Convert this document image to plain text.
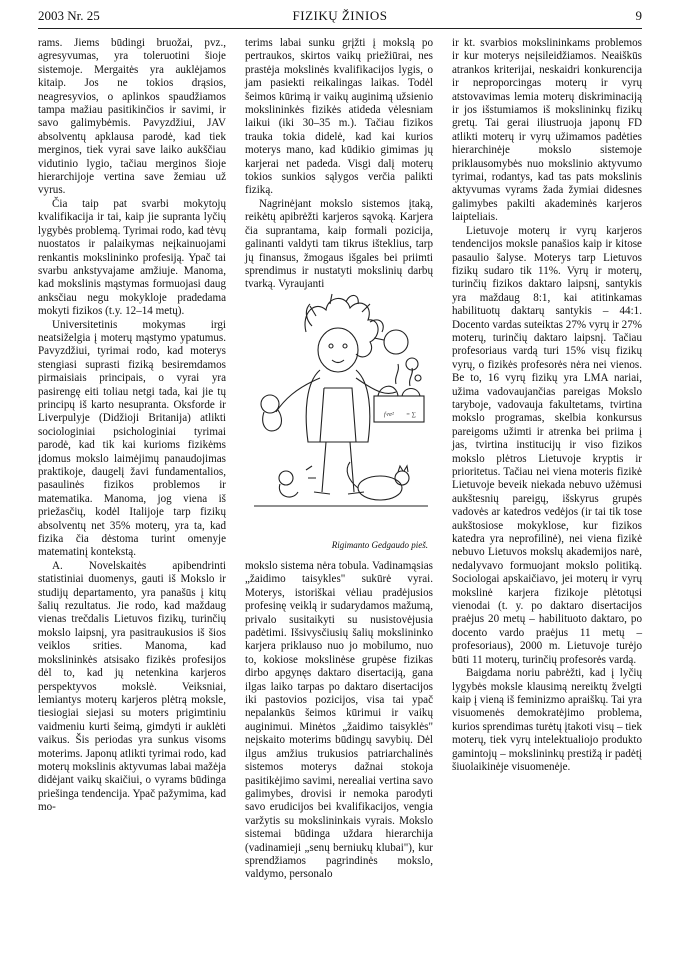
2003 Nr. 25	FIZIKŲ ŽINIOS	9

rams. Jiems būdingi bruožai, pvz., agresyvumas, yra toleruotini šioje sistemoje. Mergaitės yra auklėjamos kitaip. Jos ne tokios drąsios, neagresyvios, o aplinkos spaudžiamos tampa mažiau pasitikinčios ir savimi, ir savo galimybėmis. Pavyzdžiui, JAV absolventų apklausa parodė, kad tiek merginos, tiek vyrai save laiko aukščiau vidutinio lygio, tačiau merginos šioje hierarchijoje vertina save žemiau už vyrus.

Čia taip pat svarbi mokytojų kvalifikacija ir tai, kaip jie supranta lyčių lygybės problemą. Tyrimai rodo, kad tėvų nuostatos ir palaikymas neįkainuojami renkantis mokslininko profesiją. Ypač tai svarbu ankstyvajame amžiuje. Manoma, kad mokslinis mąstymas formuojasi daug anksčiau negu mokykloje pradedama mokyti fizikos (t.y. 12–14 metų).

Universitetinis mokymas irgi neatsiželgia į moterų mąstymo ypatumus. Pavyzdžiui, tyrimai rodo, kad moterys stengiasi suprasti fiziką besiremdamos pirmaisiais principais, o vyrai yra pasirengę eiti toliau netgi tada, kai jie tų principų iš karto nesupranta. Oksforde ir Liverpulyje (Didžioji Britanija) atlikti sociologiniai psichologiniai tyrimai parodė, kad tik kai kurioms fizikėms įdomus mokslo laimėjimų panaudojimas praktikoje, daugelį žavi fundamentalios, pasaulinės fizikos problemos ir matematika. Manoma, jog viena iš priežasčių, kodėl Italijoje tarp fizikų absolventų net 35% moterų, yra ta, kad fizika čia dėstoma turint omenyje matematinį kontekstą.

A. Novelskaitės apibendrinti statistiniai duomenys, gauti iš Mokslo ir studijų departamento, yra panašūs į kitų šalių rezultatus. Jie rodo, kad maždaug vienas trečdalis Lietuvos fizikų, turinčių mokslo laipsnį, yra pasitraukusios iš šios veiklos srities. Manoma, kad mokslininkės atsisako fizikės profesijos dėl to, kad jų netenkina karjeros perspektyvos mokslė. Veiksniai, lemiantys moterų karjeros plėtrą moksle, tiesiogiai siejasi su moters prigimtiniu vaidmeniu kurti šeimą, gimdyti ir auklėti vaikus. Šis periodas yra sunkus visoms moterims. Japonų atlikti tyrimai rodo, kad moterų mokslinis aktyvumas labai mažėja didėjant vaikų skaičiui, o vyrams būdinga priešinga tendencija. Ypač pažymima, kad mo-

terims labai sunku grįžti į mokslą po pertraukos, skirtos vaikų priežiūrai, nes prastėja mokslinės kvalifikacijos lygis, o jam pasiekti reikalingas laikas. Todėl šeimos kūrimą ir vaikų auginimą užsienio mokslininkės fizikės atideda vėlesniam laikui (iki 30–35 m.). Tačiau fizikos trauka tokia didelė, kad kai kurios moterys mano, kad kūdikio gimimas jų karjerai net padeda. Visgi dalį moterų tokios sunkios sąlygos verčia palikti fiziką.

Nagrinėjant mokslo sistemos įtaką, reikėtų apibrėžti karjeros sąvoką. Karjera čia suprantama, kaip formali pozicija, galinanti valdyti tam tikrus išteklius, tarp jų finansus, žmogaus išgales bei priimti sprendimus ir nustatyti mokslinių darbų tvarką. Vyraujanti

f·re² = ∑
Rigimanto Gedgaudo pieš.

mokslo sistema nėra tobula. Vadinamąsias „žaidimo taisykles" sukūrė vyrai. Moterys, istoriškai vėliau pradėjusios profesinę veiklą ir sudarydamos mažumą, privalo susitaikyti su nusistovėjusia padėtimi. Išsivysčiusių šalių mokslininko karjera priklauso nuo jo mobilumo, nuo to, kokiose mokslinėse grupėse fizikas dirbo apgynęs daktaro disertaciją, gana ilgas laiko tarpas po daktaro disertacijos iki pastovios pozicijos, visa tai ypač nepalankūs šeimos kūrimui ir vaikų auginimui. Minėtos „žaidimo taisyklės" neįskaito moterims būdingų savybių. Dėl ilgus amžius trukusios patriarchalinės sistemos moterys dažnai stokoja pasitikėjimo savimi, nerealiai vertina savo galimybes, drovisi ir nemoka parodyti savo erudicijos bei kvalifikacijos, vengia varžytis su mokslininkais vyrais. Mokslo sistemai būdinga uždara hierarchija (vadinamieji „senų berniukų klubai"), kur sprendžiamos pagrindinės mokslo, valdymo, personalo

ir kt. svarbios mokslininkams problemos ir kur moterys neįsileidžiamos. Neaiškūs atrankos kriterijai, neskaidri konkurencija ir neproporcingas moterų ir vyrų atstovavimas lemia moterų diskriminaciją ir jos išstumiamos iš mokslininkų fizikų gretų. Tai gerai iliustruoja japonų FD atlikti moterų ir vyrų užimamos padėties hierarchinėje mokslo sistemoje priklausomybės nuo mokslinio aktyvumo tyrimai, rodantys, kad tas pats mokslinis aktyvumas vyrams žada žymiai didesnes galimybes pakilti akademinės karjeros laipteliais.

Lietuvoje moterų ir vyrų karjeros tendencijos moksle panašios kaip ir kitose pasaulio šalyse. Moterys tarp Lietuvos fizikų sudaro tik 11%. Vyrų ir moterų, turinčių fizikos daktaro laipsnį, santykis yra maždaug 8:1, kai atitinkamas habilituotų daktarų santykis – 44:1. Docento vardas suteiktas 27% vyrų ir 27% moterų, turinčių daktaro laipsnį. Tačiau profesoriaus vardą turi 15% visų fizikų vyrų, o fizikės profesorės nėra nei vienos. Be to, 16 vyrų fizikų yra LMA nariai, užima vadovaujančias pareigas Mokslo taryboje, vadovauja fakultetams, tvirtina mokslo programas, skelbia konkursus pareigoms užimti ir atrenka bei priima į jas, tvirtina institucijų ir viso fizikos mokslo plėtros Lietuvoje kryptis ir prioritetus. Tačiau nei viena moteris fizikė Lietuvoje beveik niekada nebuvo užėmusi aukštesnių pareigų, išskyrus grupės vadovės ar katedros vedėjos (ir tai tik tose aukštosiose mokyklose, kur fizikos katedra yra neprofilinė), nei viena fizikė nebuvo Lietuvos mokslų akademijos narė, nedalyvavo formuojant mokslo politiką. Sociologai apskaičiavo, jei moterų ir vyrų mokslinė karjera fizikoje plėtotųsi vienodai (t. y. po daktaro disertacijos praėjus 20 metų – habilituoto daktaro, po docento vardo praėjus 11 metų – profesoriaus), 2000 m. Lietuvoje turėjo būti 11 moterų, turinčių profesorės vardą.

Baigdama noriu pabrėžti, kad į lyčių lygybės moksle klausimą nereiktų žvelgti kaip į vieną iš feminizmo apraiškų. Tai yra visuomenės demokratėjimo problema, kurios sprendimas turėtų įtakoti visų – tiek moterų, tiek vyrų intelektualiojo produkto gamintojų – mokslininkų prestižą ir padėtį šiuolaikinėje visuomenėje.
